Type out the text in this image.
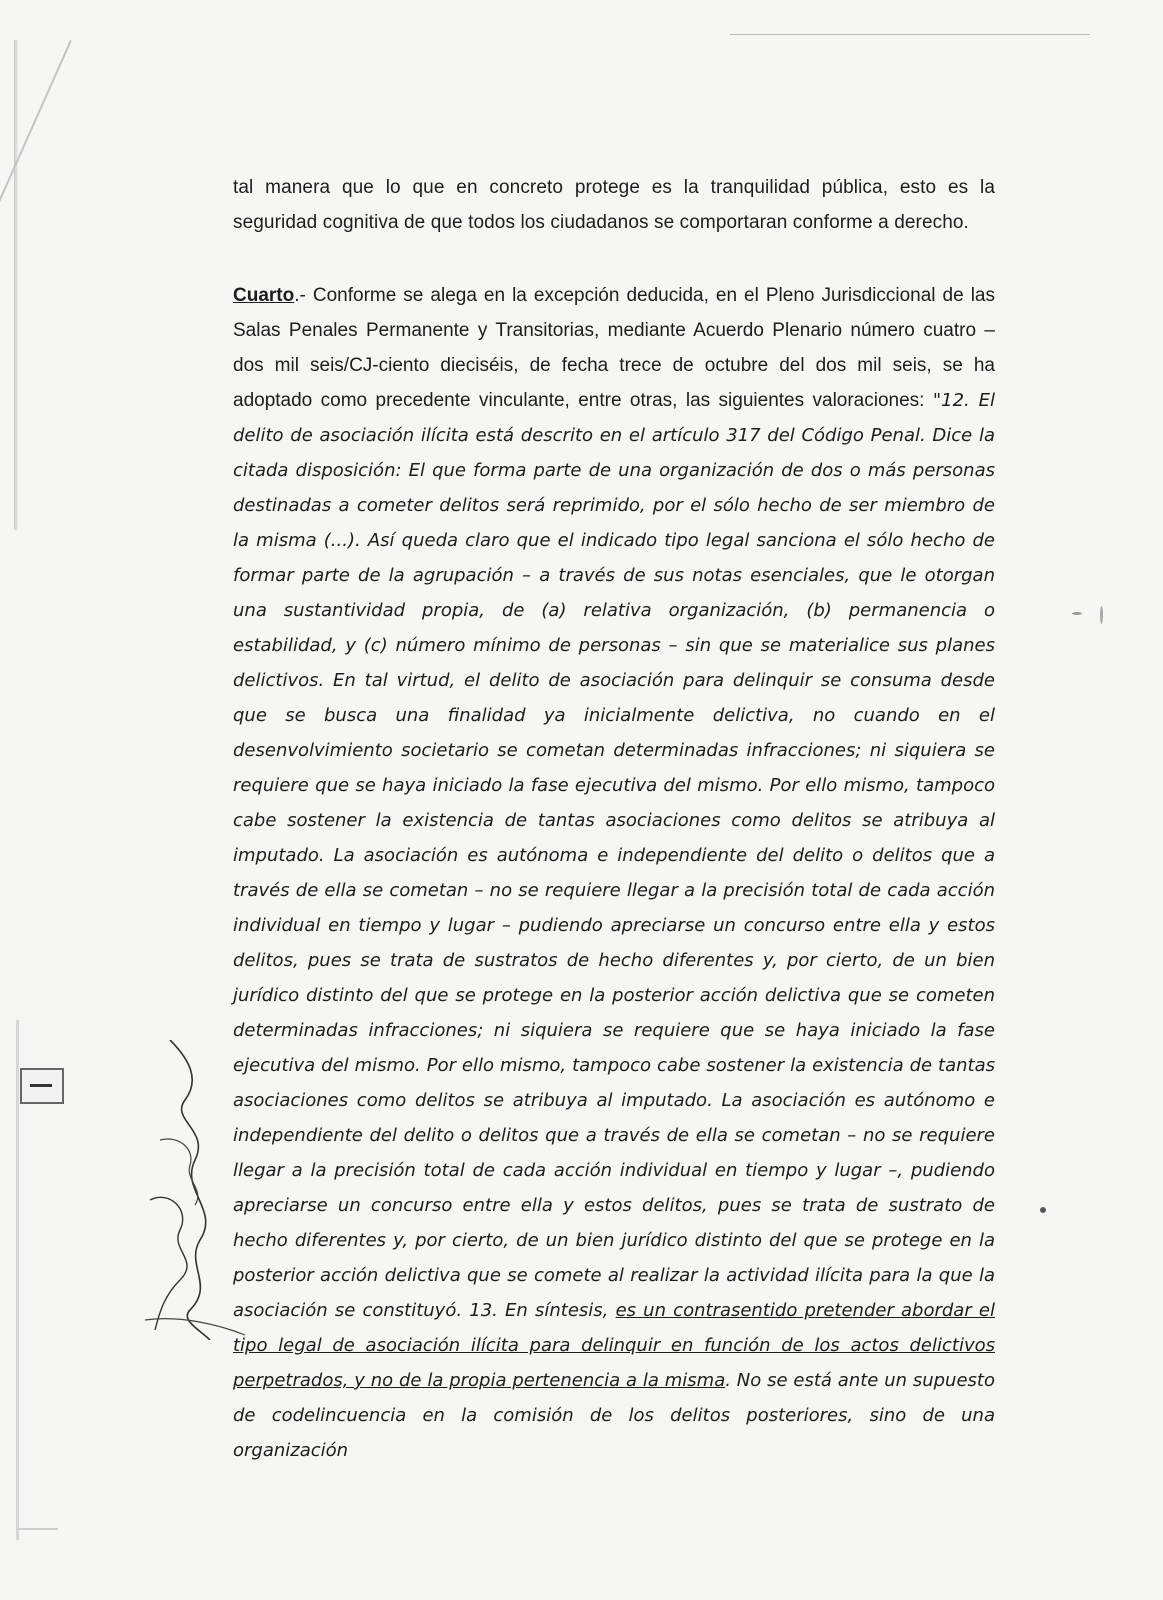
tal manera que lo que en concreto protege es la tranquilidad pública, esto es la seguridad cognitiva de que todos los ciudadanos se comportaran conforme a derecho.

Cuarto.- Conforme se alega en la excepción deducida, en el Pleno Jurisdiccional de las Salas Penales Permanente y Transitorias, mediante Acuerdo Plenario número cuatro – dos mil seis/CJ-ciento dieciséis, de fecha trece de octubre del dos mil seis, se ha adoptado como precedente vinculante, entre otras, las siguientes valoraciones: "12. El delito de asociación ilícita está descrito en el artículo 317 del Código Penal. Dice la citada disposición: El que forma parte de una organización de dos o más personas destinadas a cometer delitos será reprimido, por el sólo hecho de ser miembro de la misma (...). Así queda claro que el indicado tipo legal sanciona el sólo hecho de formar parte de la agrupación – a través de sus notas esenciales, que le otorgan una sustantividad propia, de (a) relativa organización, (b) permanencia o estabilidad, y (c) número mínimo de personas – sin que se materialice sus planes delictivos. En tal virtud, el delito de asociación para delinquir se consuma desde que se busca una finalidad ya inicialmente delictiva, no cuando en el desenvolvimiento societario se cometan determinadas infracciones; ni siquiera se requiere que se haya iniciado la fase ejecutiva del mismo. Por ello mismo, tampoco cabe sostener la existencia de tantas asociaciones como delitos se atribuya al imputado. La asociación es autónoma e independiente del delito o delitos que a través de ella se cometan – no se requiere llegar a la precisión total de cada acción individual en tiempo y lugar – pudiendo apreciarse un concurso entre ella y estos delitos, pues se trata de sustratos de hecho diferentes y, por cierto, de un bien jurídico distinto del que se protege en la posterior acción delictiva que se cometen determinadas infracciones; ni siquiera se requiere que se haya iniciado la fase ejecutiva del mismo. Por ello mismo, tampoco cabe sostener la existencia de tantas asociaciones como delitos se atribuya al imputado. La asociación es autónomo e independiente del delito o delitos que a través de ella se cometan – no se requiere llegar a la precisión total de cada acción individual en tiempo y lugar –, pudiendo apreciarse un concurso entre ella y estos delitos, pues se trata de sustrato de hecho diferentes y, por cierto, de un bien jurídico distinto del que se protege en la posterior acción delictiva que se comete al realizar la actividad ilícita para la que la asociación se constituyó. 13. En síntesis, es un contrasentido pretender abordar el tipo legal de asociación ilícita para delinquir en función de los actos delictivos perpetrados, y no de la propia pertenencia a la misma. No se está ante un supuesto de codelincuencia en la comisión de los delitos posteriores, sino de una organización
